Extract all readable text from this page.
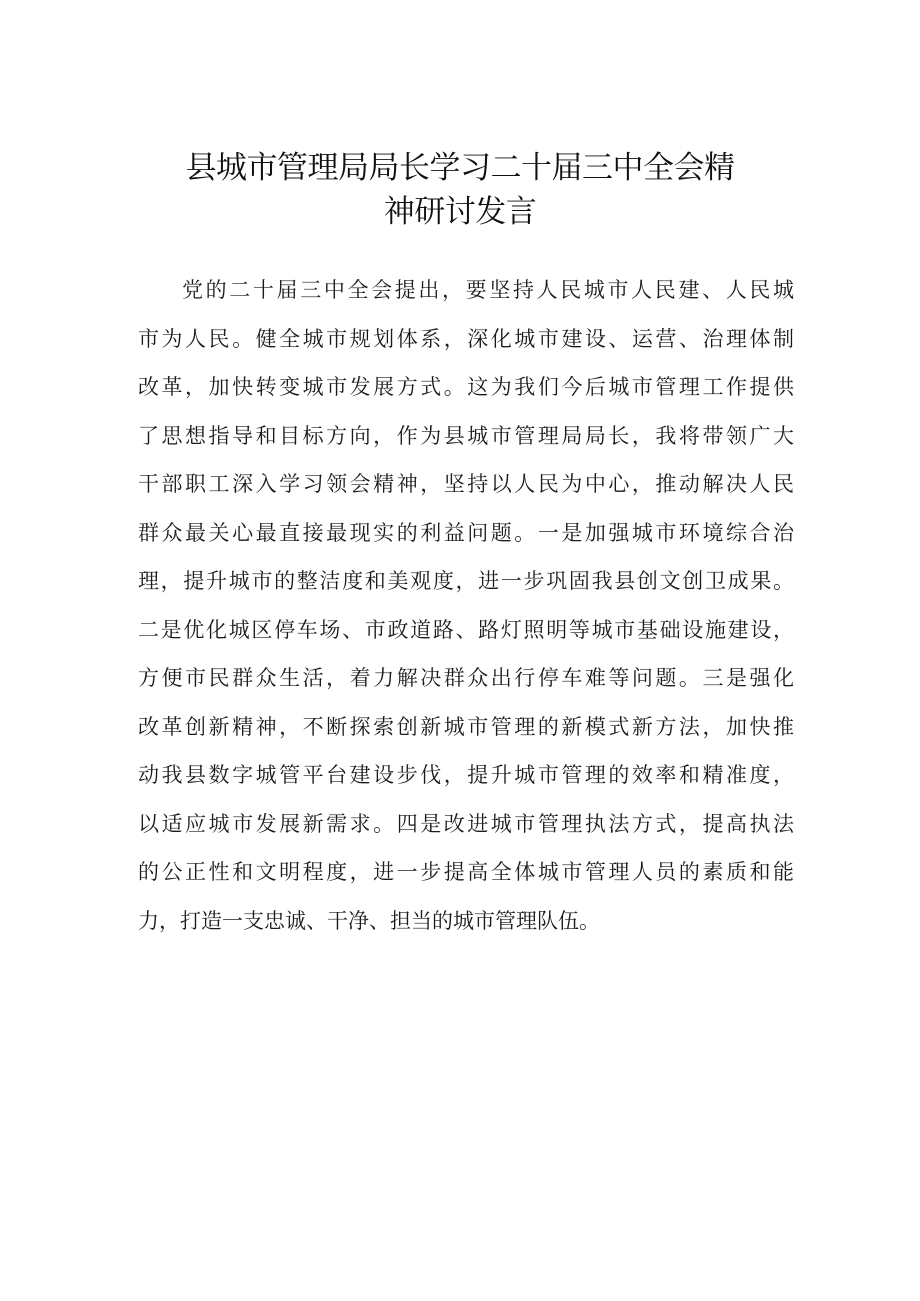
县城市管理局局长学习二十届三中全会精
神研讨发言
党的二十届三中全会提出，要坚持人民城市人民建、人民城
市为人民。健全城市规划体系，深化城市建设、运营、治理体制
改革，加快转变城市发展方式。这为我们今后城市管理工作提供
了思想指导和目标方向，作为县城市管理局局长，我将带领广大
干部职工深入学习领会精神，坚持以人民为中心，推动解决人民
群众最关心最直接最现实的利益问题。一是加强城市环境综合治
理，提升城市的整洁度和美观度，进一步巩固我县创文创卫成果。
二是优化城区停车场、市政道路、路灯照明等城市基础设施建设，
方便市民群众生活，着力解决群众出行停车难等问题。三是强化
改革创新精神，不断探索创新城市管理的新模式新方法，加快推
动我县数字城管平台建设步伐，提升城市管理的效率和精准度，
以适应城市发展新需求。四是改进城市管理执法方式，提高执法
的公正性和文明程度，进一步提高全体城市管理人员的素质和能
力，打造一支忠诚、干净、担当的城市管理队伍。
